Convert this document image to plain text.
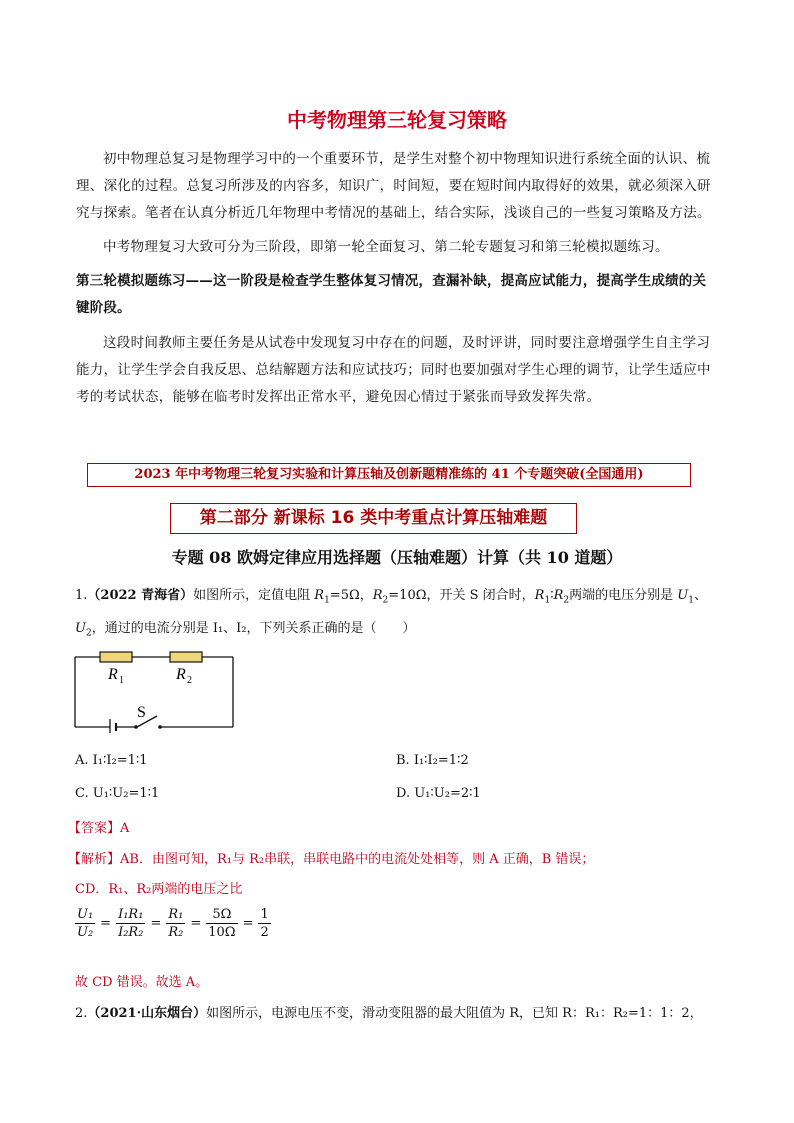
中考物理第三轮复习策略
初中物理总复习是物理学习中的一个重要环节，是学生对整个初中物理知识进行系统全面的认识、梳理、深化的过程。总复习所涉及的内容多，知识广，时间短，要在短时间内取得好的效果，就必须深入研究与探索。笔者在认真分析近几年物理中考情况的基础上，结合实际，浅谈自己的一些复习策略及方法。
中考物理复习大致可分为三阶段，即第一轮全面复习、第二轮专题复习和第三轮模拟题练习。
第三轮模拟题练习——这一阶段是检查学生整体复习情况，查漏补缺，提高应试能力，提高学生成绩的关键阶段。
这段时间教师主要任务是从试卷中发现复习中存在的问题，及时评讲，同时要注意增强学生自主学习能力，让学生学会自我反思、总结解题方法和应试技巧；同时也要加强对学生心理的调节，让学生适应中考的考试状态，能够在临考时发挥出正常水平，避免因心情过于紧张而导致发挥失常。
2023 年中考物理三轮复习实验和计算压轴及创新题精准练的 41 个专题突破(全国通用)
第二部分 新课标 16 类中考重点计算压轴难题
专题 08 欧姆定律应用选择题（压轴难题）计算（共 10 道题）
1.（2022 青海省）如图所示，定值电阻 $R_1=5\Omega$，$R_2=10\Omega$，开关 S 闭合时，$R_1∶R_2$两端的电压分别是 $U_1$、
$U_2$，通过的电流分别是 I₁、I₂，下列关系正确的是（　　）
R 1	R 2
S
A. I₁∶I₂=1∶1	B. I₁∶I₂=1∶2
C. U₁∶U₂=1∶1	D. U₁∶U₂=2∶1
【答案】A
【解析】AB．由图可知，R₁与 R₂串联，串联电路中的电流处处相等，则 A 正确，B 错误；
CD．R₁、R₂两端的电压之比
$\frac{\text{U₁}}{\text{U₂}} = \frac{\text{I₁R₁}}{\text{I₂R₂}} = \frac{\text{R₁}}{\text{R₂}} = \frac{5\Omega}{10\Omega} = \frac{1}{2}$
故 CD 错误。故选 A。
2.（2021·山东烟台）如图所示，电源电压不变，滑动变阻器的最大阻值为 R，已知 R：R₁：R₂=1：1：2，
